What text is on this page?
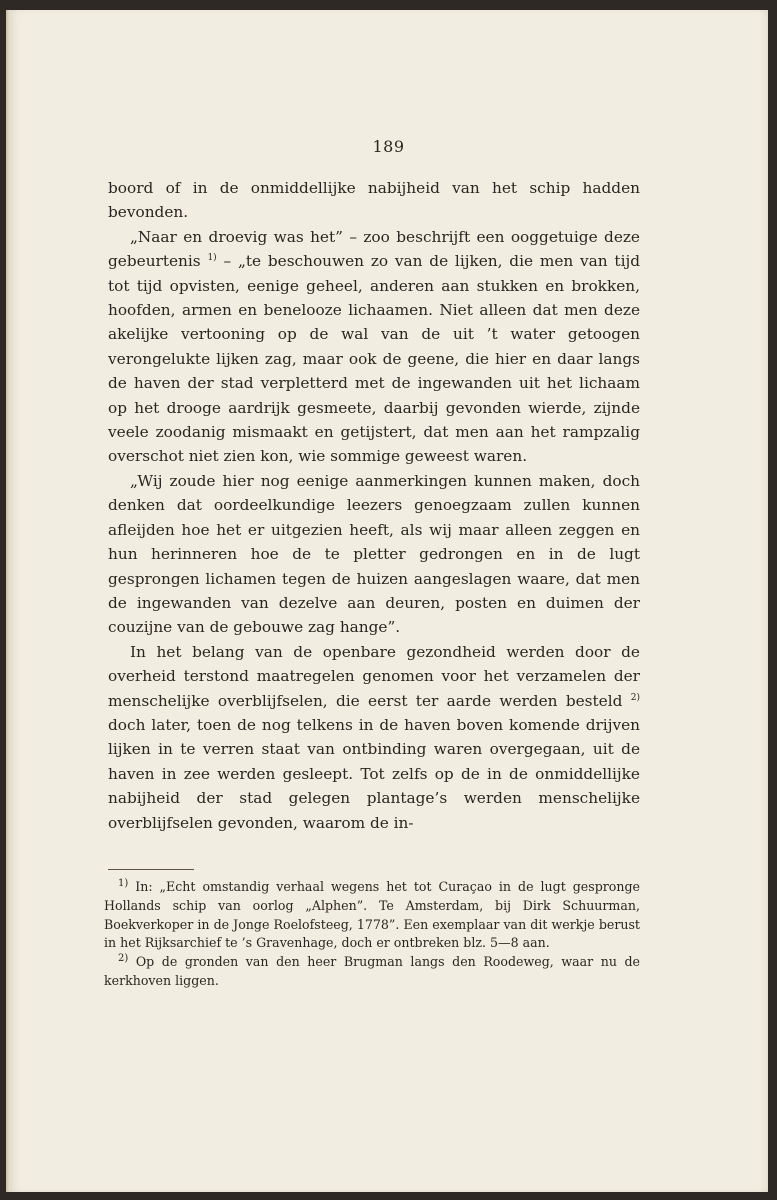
189

boord of in de onmiddellijke nabijheid van het schip hadden bevonden.

„Naar en droevig was het” – zoo beschrijft een ooggetuige deze gebeurtenis $^{1)}$ – „te beschouwen zo van de lijken, die men van tijd tot tijd opvisten, eenige geheel, anderen aan stukken en brokken, hoofden, armen en benelooze lichaamen. Niet alleen dat men deze akelijke vertooning op de wal van de uit ’t water getoogen verongelukte lijken zag, maar ook de geene, die hier en daar langs de haven der stad verpletterd met de ingewanden uit het lichaam op het drooge aardrijk gesmeete, daarbij gevonden wierde, zijnde veele zoodanig mismaakt en getijstert, dat men aan het rampzalig overschot niet zien kon, wie sommige geweest waren.

„Wij zoude hier nog eenige aanmerkingen kunnen maken, doch denken dat oordeelkundige leezers genoegzaam zullen kunnen afleijden hoe het er uitgezien heeft, als wij maar alleen zeggen en hun herinneren hoe de te pletter gedrongen en in de lugt gesprongen lichamen tegen de huizen aangeslagen waare, dat men de ingewanden van dezelve aan deuren, posten en duimen der couzijne van de gebouwe zag hange”.

In het belang van de openbare gezondheid werden door de overheid terstond maatregelen genomen voor het verzamelen der menschelijke overblijfselen, die eerst ter aarde werden besteld $^{2)}$ doch later, toen de nog telkens in de haven boven komende drijven lijken in te verren staat van ontbinding waren overgegaan, uit de haven in zee werden gesleept. Tot zelfs op de in de onmiddellijke nabijheid der stad gelegen plantage’s werden menschelijke overblijfselen gevonden, waarom de in-

$^{1)}$ In: „Echt omstandig verhaal wegens het tot Curaçao in de lugt gesprongе Hollands schip van oorlog „Alphen”. Te Amsterdam, bij Dirk Schuurman, Boekverkoper in de Jonge Roelofsteeg, 1778”. Een exemplaar van dit werkje berust in het Rijksarchief te ’s Gravenhage, doch er ontbreken blz. 5—8 aan.

$^{2)}$ Op de gronden van den heer Brugman langs den Roodeweg, waar nu de kerkhoven liggen.
